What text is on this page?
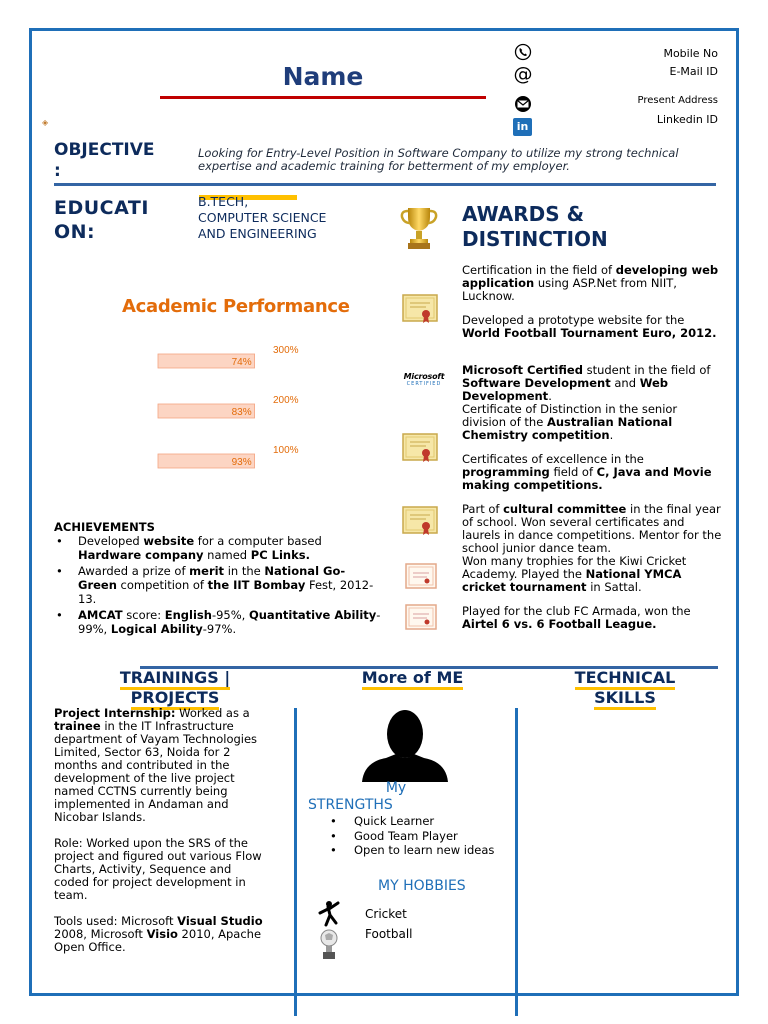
Name
◈
Mobile No
@	E-Mail ID
Present Address
in
Linkedin ID
OBJECTIVE
:
Looking for Entry-Level Position in Software Company to utilize my strong technical expertise and academic training for betterment of my employer.
EDUCATI
ON:
B.TECH,
COMPUTER SCIENCE
AND ENGINEERING
Academic Performance
74%
300%
83%
200%
93%
100%
ACHIEVEMENTS
• Developed website for a computer based Hardware company named PC Links.
• Awarded a prize of merit in the National Go-Green competition of the IIT Bombay Fest, 2012-13.
• AMCAT score: English-95%, Quantitative Ability-99%, Logical Ability-97%.
AWARDS &
DISTINCTION
Microsoft
CERTIFIED
Certification in the field of developing web application using ASP.Net from NIIT, Lucknow.
Developed a prototype website for the World Football Tournament Euro, 2012.
Microsoft Certified student in the field of Software Development and Web Development.
Certificate of Distinction in the senior division of the Australian National Chemistry competition.
Certificates of excellence in the programming field of C, Java and Movie making competitions.
Part of cultural committee in the final year of school. Won several certificates and laurels in dance competitions. Mentor for the school junior dance team.
Won many trophies for the Kiwi Cricket Academy. Played the National YMCA cricket tournament in Sattal.
Played for the club FC Armada, won the Airtel 6 vs. 6 Football League.
TRAININGS |
PROJECTS

Project Internship: Worked as a trainee in the IT Infrastructure department of Vayam Technologies Limited, Sector 63, Noida for 2 months and contributed in the development of the live project named CCTNS currently being implemented in Andaman and Nicobar Islands.

Role: Worked upon the SRS of the project and figured out various Flow Charts, Activity, Sequence and coded for project development in team.

Tools used: Microsoft Visual Studio 2008, Microsoft Visio 2010, Apache Open Office.

More of ME
My
STRENGTHS
• Quick Learner
• Good Team Player
• Open to learn new ideas
MY HOBBIES
Cricket
Football
TECHNICAL
SKILLS
